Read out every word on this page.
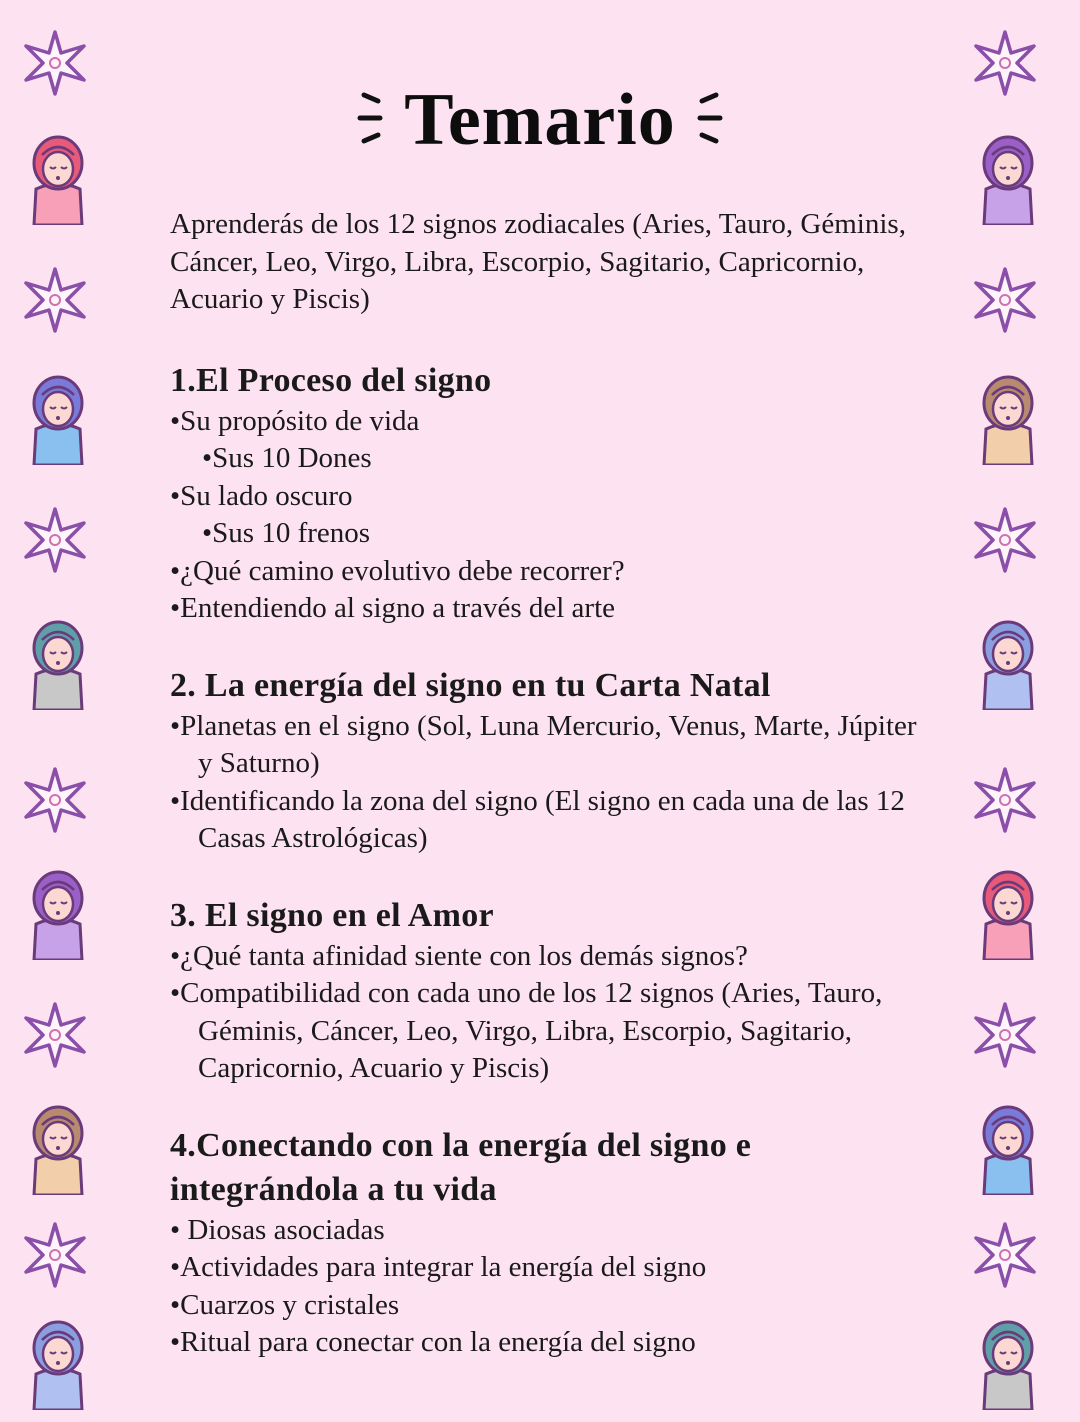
Temario

Aprenderás de los 12 signos zodiacales (Aries, Tauro, Géminis, Cáncer, Leo, Virgo, Libra, Escorpio, Sagitario, Capricornio, Acuario y Piscis)

1.El Proceso del signo

•Su propósito de vida

•Sus 10 Dones

•Su lado oscuro

•Sus 10 frenos

•¿Qué camino evolutivo debe recorrer?

•Entendiendo al signo a través del arte

2. La energía del signo en tu Carta Natal

•Planetas en el signo (Sol, Luna Mercurio, Venus, Marte, Júpiter y Saturno)

•Identificando la zona del signo (El signo en cada una de las 12 Casas Astrológicas)

3. El signo en el Amor

•¿Qué tanta afinidad siente con los demás signos?

•Compatibilidad con cada uno de los 12 signos (Aries, Tauro, Géminis, Cáncer, Leo, Virgo, Libra, Escorpio, Sagitario, Capricornio, Acuario y Piscis)

4.Conectando con la energía del signo e integrándola a tu vida

• Diosas asociadas

•Actividades para integrar la energía del signo

•Cuarzos y cristales

•Ritual para conectar con la energía del signo
